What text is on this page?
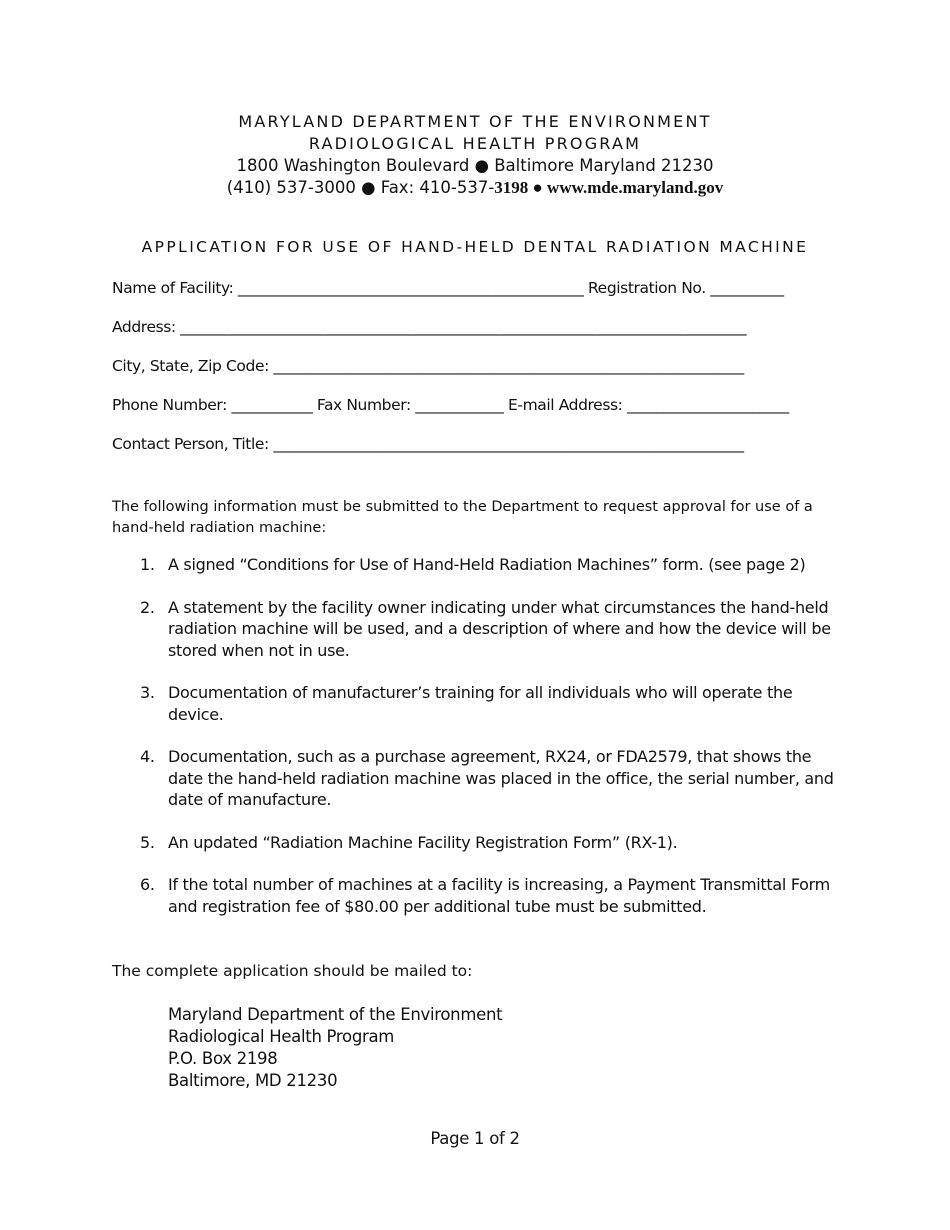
MARYLAND DEPARTMENT OF THE ENVIRONMENT
RADIOLOGICAL HEALTH PROGRAM
1800 Washington Boulevard ● Baltimore Maryland 21230
(410) 537-3000 ● Fax: 410-537-3198 ● www.mde.maryland.gov
APPLICATION FOR USE OF HAND-HELD DENTAL RADIATION MACHINE
Name of Facility: _______________________________________________ Registration No. __________
Address: _____________________________________________________________________________
City, State, Zip Code: ________________________________________________________________
Phone Number: ___________ Fax Number: ____________ E-mail Address: ______________________
Contact Person, Title: ________________________________________________________________
The following information must be submitted to the Department to request approval for use of a hand-held radiation machine:
1. A signed “Conditions for Use of Hand-Held Radiation Machines” form. (see page 2)
2. A statement by the facility owner indicating under what circumstances the hand-held radiation machine will be used, and a description of where and how the device will be stored when not in use.
3. Documentation of manufacturer’s training for all individuals who will operate the device.
4. Documentation, such as a purchase agreement, RX24, or FDA2579, that shows the date the hand-held radiation machine was placed in the office, the serial number, and date of manufacture.
5. An updated “Radiation Machine Facility Registration Form” (RX-1).
6. If the total number of machines at a facility is increasing, a Payment Transmittal Form and registration fee of $80.00 per additional tube must be submitted.
The complete application should be mailed to:
Maryland Department of the Environment
Radiological Health Program
P.O. Box 2198
Baltimore, MD 21230
Page 1 of 2
